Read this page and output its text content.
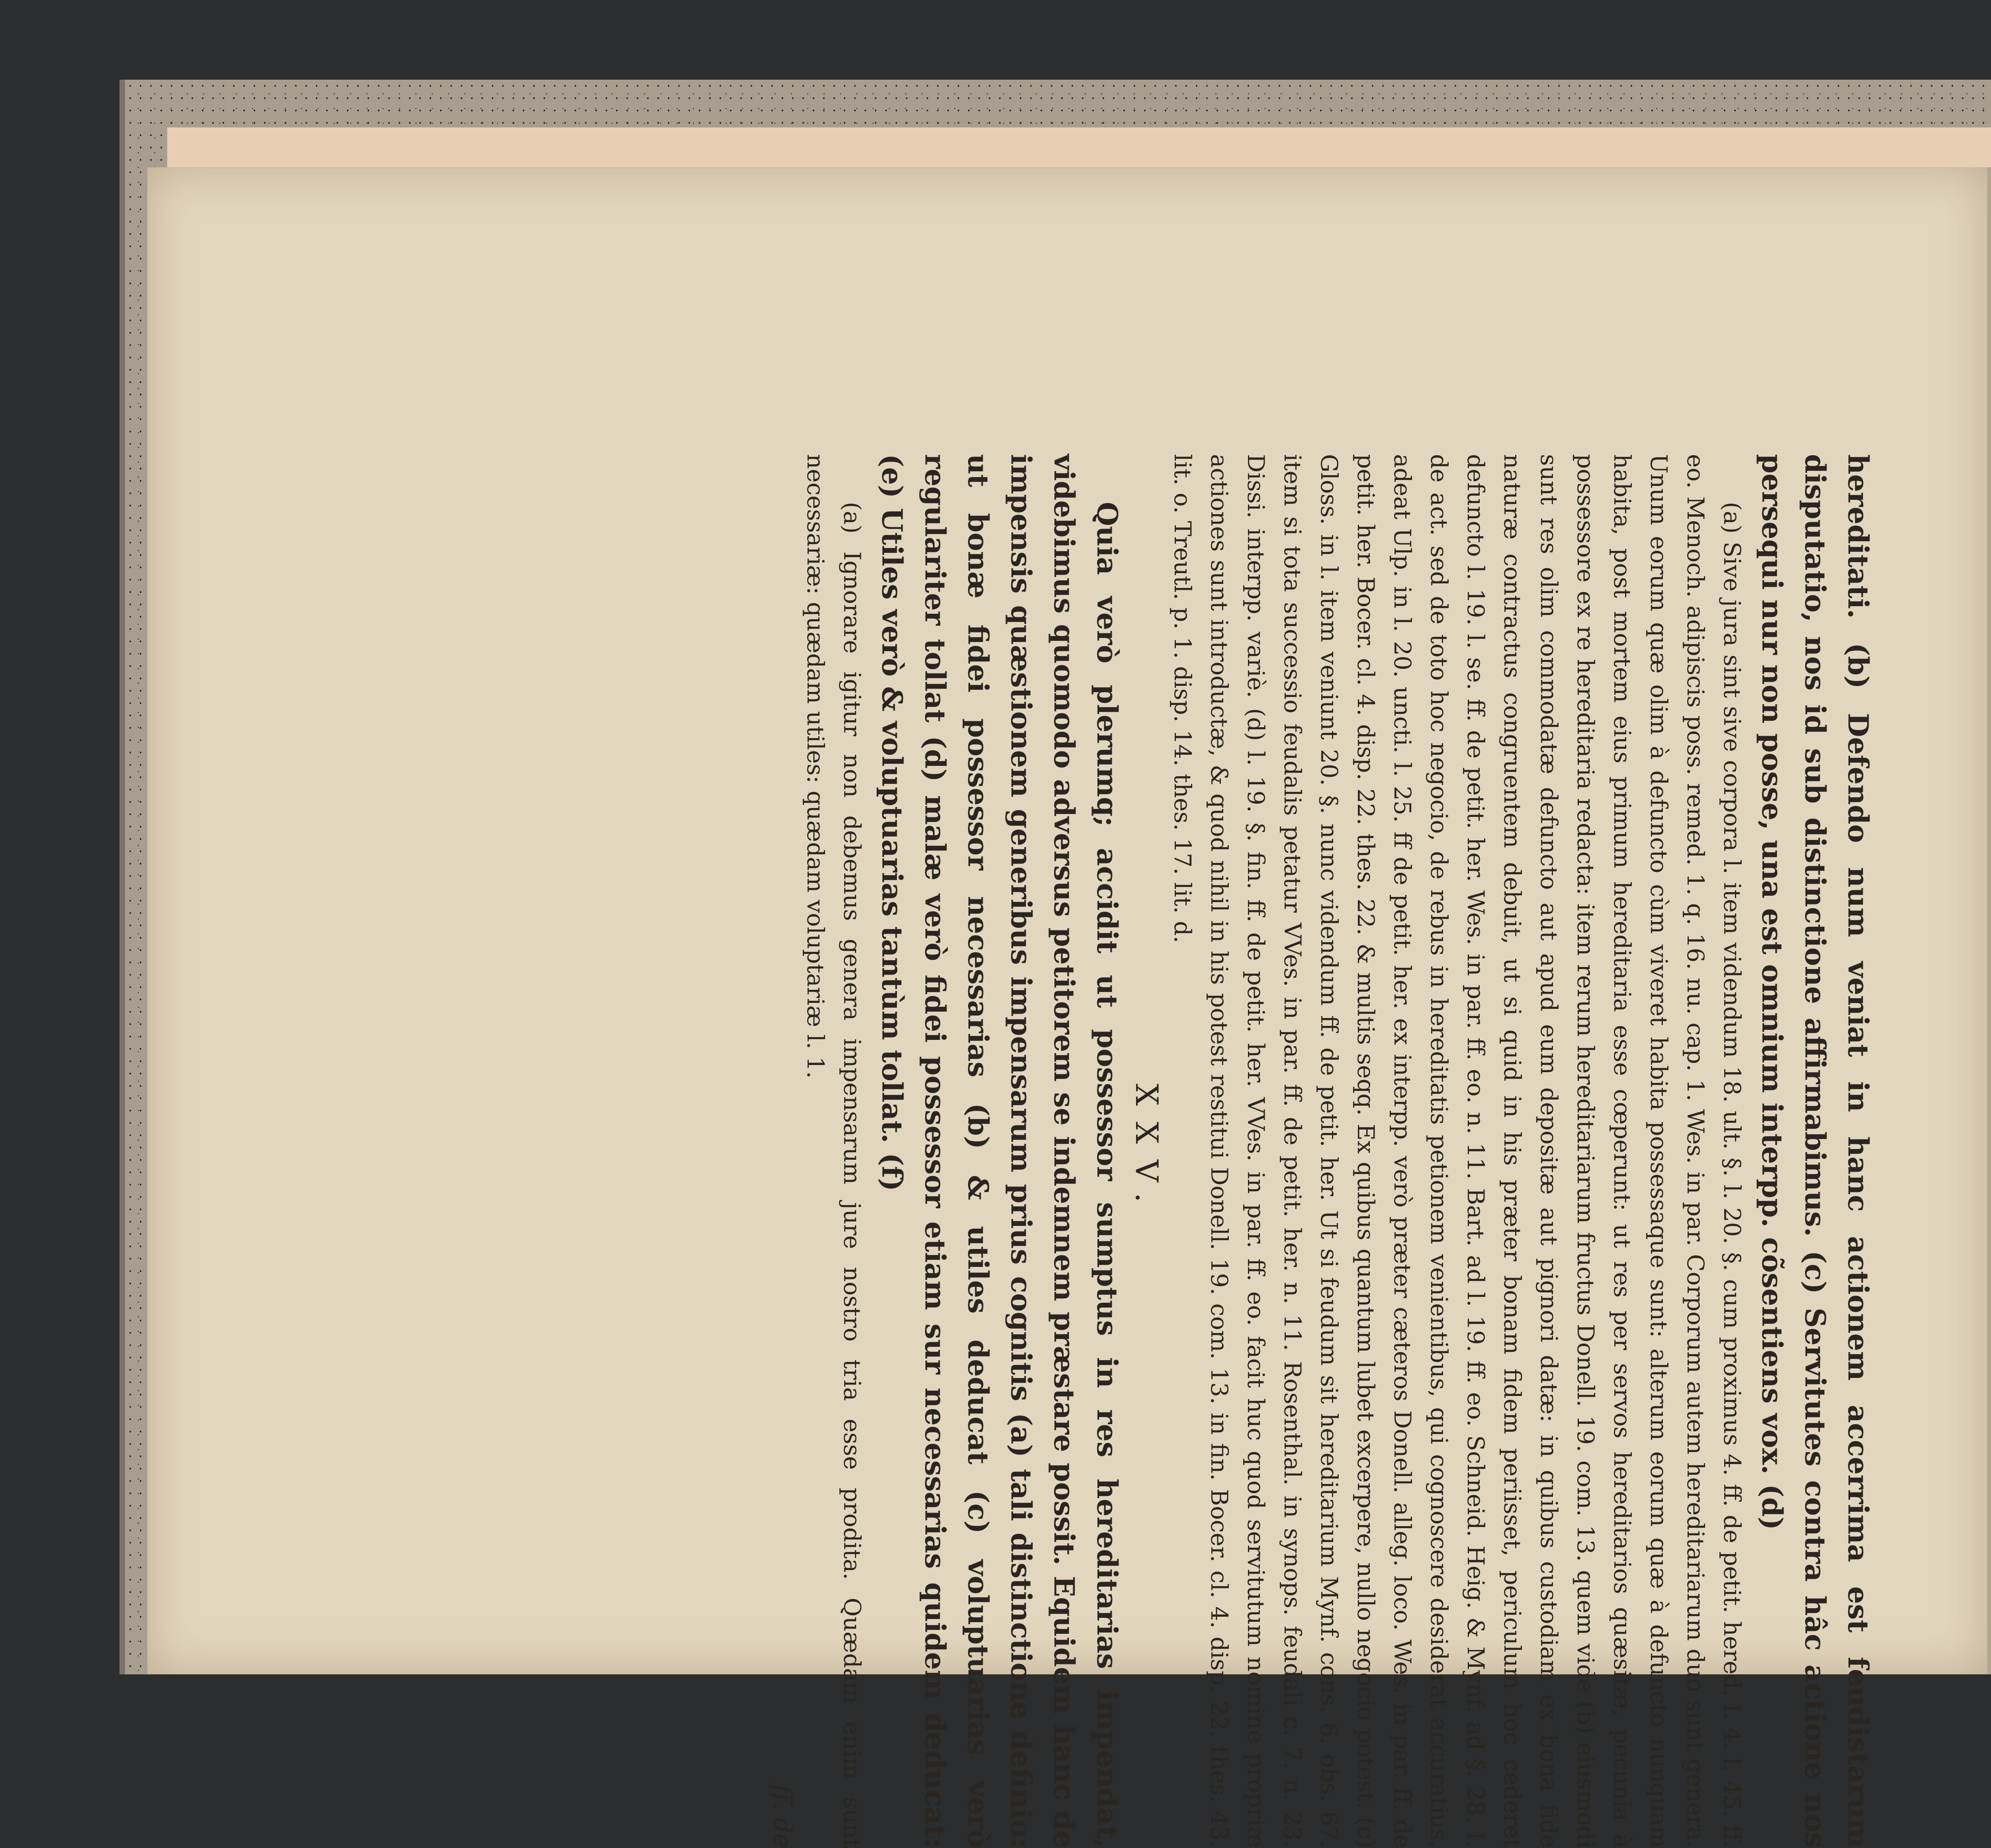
hereditati. (b) Defendo num veniat in hanc actionem accerrima est feudistarum disputatio, nos id sub distinctione affirmabimus. (c) Servitutes contra hâc actione nos persequi nur non posse, una est omnium interpp. cõsentiens vox. (d)

(a) Sive jura sint sive corpora l. item videndum 18. ult. §. l. 20. §. cum proximus 4. ff. de petit. hered. l. 4. l. 45. ff. eo. Menoch. adipiscis poss. remed. 1. q. 16. nu. cap. 1. Wes. in par. Corporum autem hereditariarum duo sunt genera. Unum eorum quæ olim à defuncto cùm viveret habita possessaque sunt: alterum eorum quæ à defuncto nunquam habita, post mortem eius primum hereditaria esse cœperunt: ut res per servos hereditarios quæsitæ, pecunia à possessore ex re hereditaria redacta: item rerum hereditariarum fructus Donell. 19. com. 13. quem vide (b) eiusmodi sunt res olim commodatæ defuncto aut apud eum depositæ aut pignori datæ: in quibus custodiam ex bona fide naturæ contractus congruentem debuit, ut si quid in his præter bonam fidem periisset, periculum hoc cederet defuncto l. 19. l. se. ff. de petit. her. Wes. in par. ff. eo. n. 11. Bart. ad l. 19. ff. eo. Schneid. Heig. & Mynf. ad §. 28. I. de act. sed de toto hoc negocio, de rebus in hereditatis petionem venientibus, qui cognoscere desiderat accuratius, adeat Ulp. in l. 20. uncti. l. 25. ff de petit. her. ex interpp. verò præter cæteros Donell. alleg. loco. Wes. in par. ff. de petit. her. Bocer. cl. 4. disp. 22. thes. 22. & multis seqq. Ex quibus quantum lubet excerpere, nullo negocio potest. (c) Gloss. in l. item veniunt 20. §. nunc videndum ff. de petit. her. Ut si feudum sit hereditarium Mynf. cons. 6. obs. 67. item si tota successio feudalis petatur VVes. in par. ff. de petit. her. n. 11. Rosenthal. in synops. feudali c. 7. n. 23. Dissi. interpp. variè. (d) l. 19. §. fin. ff. de petit. her. VVes. in par. ff. eo. facit huc quod servitutum nomine propriæ actiones sunt introductæ, & quod nihil in his potest restitui Donell. 19. com. 13. in fin. Bocer. cl. 4. disp. 22. thes. 43. lit. o. Treutl. p. 1. disp. 14. thes. 17. lit. d.

XXV.

Quia verò plerumq; accidit ut possessor sumptus in res hereditarias impendat, videbimus quomodo adversus petitorem se indemnem præstare possit. Equidem hanc de impensis quæstionem generibus impensarum prius cognitis (a) tali distinctione definio: ut bonæ fidei possessor necessarias (b) & utiles deducat (c) voluptuarias verò regulariter tollat (d) malæ verò fidei possessor etiam sur necessarias quidem deducat: (e) Utiles verò & voluptuarias tantùm tollat. (f)

(a) Ignorare igitur non debemus genera impensarum jure nostro tria esse prodita. Quædam enim sunt necessariæ: quædam utiles: quædam voluptariæ l. 1.

ff. de
